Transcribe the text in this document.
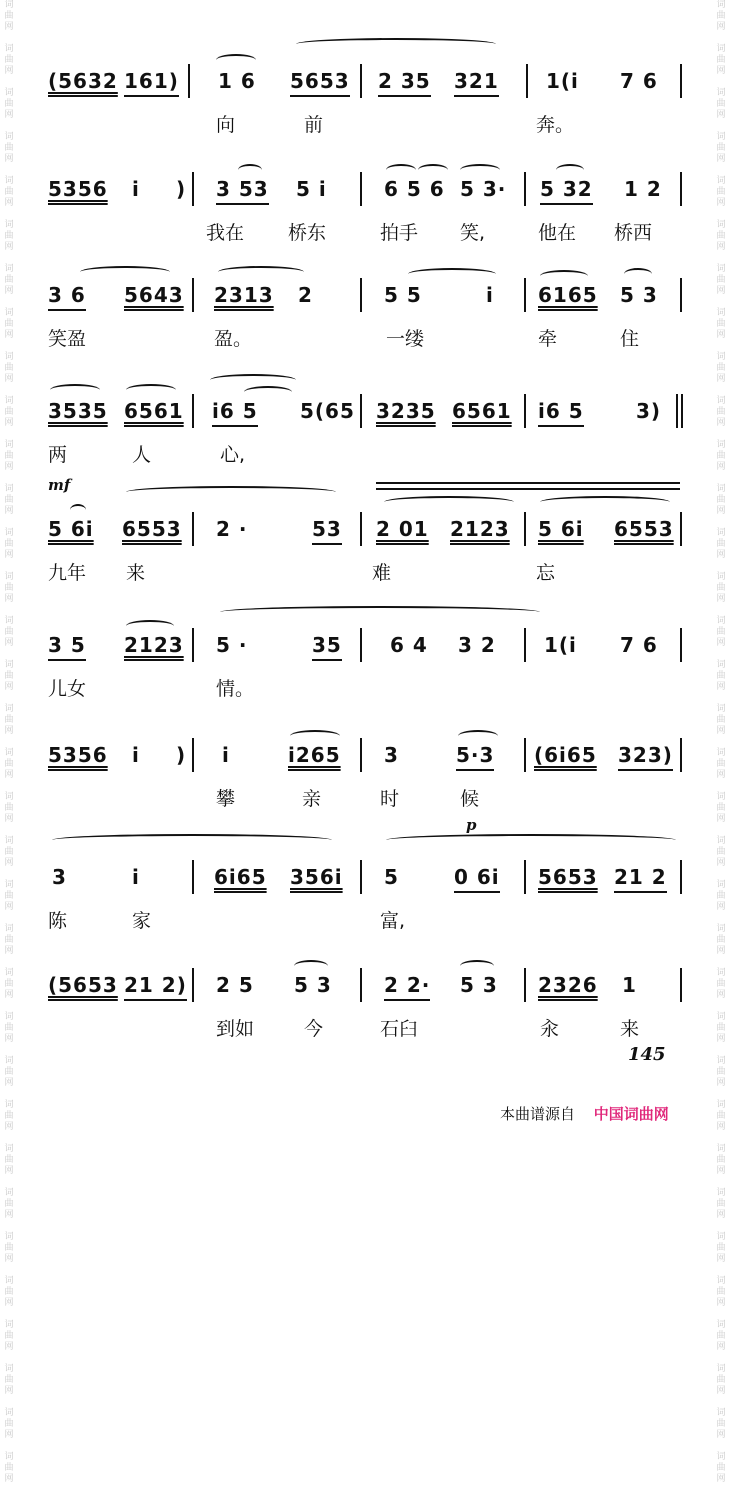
词
曲
网

词
曲
网

词
曲
网

词
曲
网

词
曲
网

词
曲
网

词
曲
网

词
曲
网

词
曲
网

词
曲
网

词
曲
网

词
曲
网

词
曲
网

词
曲
网

词
曲
网

词
曲
网

词
曲
网

词
曲
网

词
曲
网

词
曲
网

词
曲
网

词
曲
网

词
曲
网

词
曲
网

词
曲
网

词
曲
网

词
曲
网

词
曲
网

词
曲
网

词
曲
网

词
曲
网

词
曲
网

词
曲
网

词
曲
网

词
曲
网

词
曲
网

词
曲
网

词
曲
网

词
曲
网

词
曲
网

词
曲
网

词
曲
网

词
曲
网

词
曲
网

词
曲
网

词
曲
网

词
曲
网

词
曲
网

词
曲
网

词
曲
网

词
曲
网

词
曲
网

词
曲
网

词
曲
网

词
曲
网

词
曲
网

词
曲
网

词
曲
网

词
曲
网

词
曲
网

词
曲
网

词
曲
网

词
曲
网

词
曲
网

词
曲
网

词
曲
网

词
曲
网

词
曲
网

(5632 161) 1 6 5653 2 35 321 1(i 7 6
向	前	奔。
5356 i ) 3 53 5 i	6 5 6 5 3· 5 32 1 2
我在 桥东	拍手 笑,	他在 桥西
3 6 5643 2313 2	5 5	i 6165 5 3
笑盈	盈。	一缕	牵	住
3535 6561 i6 5 5(65 3235 6561 i6 5	3)
两	人	心,
mf
5 6i 6553 2 ·	53 2 01 2123 5 6i 6553
九年 来	难	忘
3 5 2123 5 ·	35 6 4 3 2 1(i 7 6
儿女	情。
5356 i ) i	i265 3	5·3 (6i65 323)
攀	亲	时	候
p
3	i	6i65 356i 5	0 6i 5653 21 2
陈	家	富,
(5653 21 2) 2 5 5 3	2 2· 5 3 2326 1
到如	今	石臼	汆	来
145
本曲谱源自 中国词曲网
